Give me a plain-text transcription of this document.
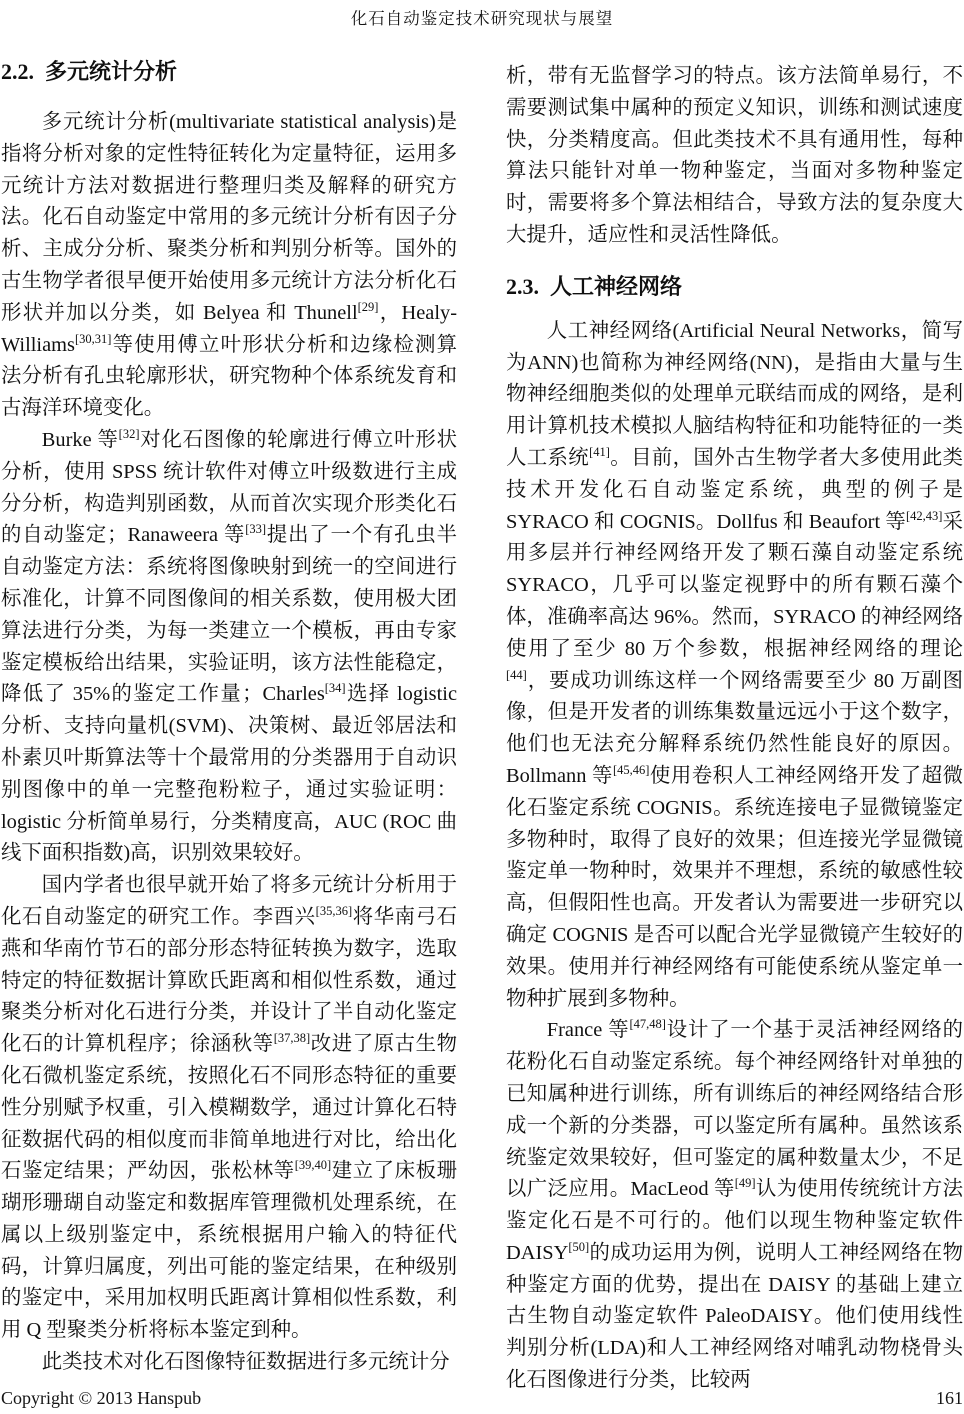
化石自动鉴定技术研究现状与展望
2.2. 多元统计分析

多元统计分析(multivariate statistical analysis)是指将分析对象的定性特征转化为定量特征，运用多元统计方法对数据进行整理归类及解释的研究方法。化石自动鉴定中常用的多元统计分析有因子分析、主成分分析、聚类分析和判别分析等。国外的古生物学者很早便开始使用多元统计方法分析化石形状并加以分类，如 Belyea 和 Thunell[29]，Healy-Williams[30,31]等使用傅立叶形状分析和边缘检测算法分析有孔虫轮廓形状，研究物种个体系统发育和古海洋环境变化。

Burke 等[32]对化石图像的轮廓进行傅立叶形状分析，使用 SPSS 统计软件对傅立叶级数进行主成分分析，构造判别函数，从而首次实现介形类化石的自动鉴定；Ranaweera 等[33]提出了一个有孔虫半自动鉴定方法：系统将图像映射到统一的空间进行标准化，计算不同图像间的相关系数，使用极大团算法进行分类，为每一类建立一个模板，再由专家鉴定模板给出结果，实验证明，该方法性能稳定，降低了 35%的鉴定工作量；Charles[34]选择 logistic 分析、支持向量机(SVM)、决策树、最近邻居法和朴素贝叶斯算法等十个最常用的分类器用于自动识别图像中的单一完整孢粉粒子，通过实验证明：logistic 分析简单易行，分类精度高，AUC (ROC 曲线下面积指数)高，识别效果较好。

国内学者也很早就开始了将多元统计分析用于化石自动鉴定的研究工作。李酉兴[35,36]将华南弓石燕和华南竹节石的部分形态特征转换为数字，选取特定的特征数据计算欧氏距离和相似性系数，通过聚类分析对化石进行分类，并设计了半自动化鉴定化石的计算机程序；徐涵秋等[37,38]改进了原古生物化石微机鉴定系统，按照化石不同形态特征的重要性分别赋予权重，引入模糊数学，通过计算化石特征数据代码的相似度而非简单地进行对比，给出化石鉴定结果；严幼因，张松林等[39,40]建立了床板珊瑚形珊瑚自动鉴定和数据库管理微机处理系统，在属以上级别鉴定中，系统根据用户输入的特征代码，计算归属度，列出可能的鉴定结果，在种级别的鉴定中，采用加权明氏距离计算相似性系数，利用 Q 型聚类分析将标本鉴定到种。

此类技术对化石图像特征数据进行多元统计分

析，带有无监督学习的特点。该方法简单易行，不需要测试集中属种的预定义知识，训练和测试速度快，分类精度高。但此类技术不具有通用性，每种算法只能针对单一物种鉴定，当面对多物种鉴定时，需要将多个算法相结合，导致方法的复杂度大大提升，适应性和灵活性降低。

2.3. 人工神经网络

人工神经网络(Artificial Neural Networks，简写为ANN)也简称为神经网络(NN)，是指由大量与生物神经细胞类似的处理单元联结而成的网络，是利用计算机技术模拟人脑结构特征和功能特征的一类人工系统[41]。目前，国外古生物学者大多使用此类技术开发化石自动鉴定系统，典型的例子是 SYRACO 和 COGNIS。Dollfus 和 Beaufort 等[42,43]采用多层并行神经网络开发了颗石藻自动鉴定系统 SYRACO，几乎可以鉴定视野中的所有颗石藻个体，准确率高达 96%。然而，SYRACO 的神经网络使用了至少 80 万个参数，根据神经网络的理论[44]，要成功训练这样一个网络需要至少 80 万副图像，但是开发者的训练集数量远远小于这个数字，他们也无法充分解释系统仍然性能良好的原因。Bollmann 等[45,46]使用卷积人工神经网络开发了超微化石鉴定系统 COGNIS。系统连接电子显微镜鉴定多物种时，取得了良好的效果；但连接光学显微镜鉴定单一物种时，效果并不理想，系统的敏感性较高，但假阳性也高。开发者认为需要进一步研究以确定 COGNIS 是否可以配合光学显微镜产生较好的效果。使用并行神经网络有可能使系统从鉴定单一物种扩展到多物种。

France 等[47,48]设计了一个基于灵活神经网络的花粉化石自动鉴定系统。每个神经网络针对单独的已知属种进行训练，所有训练后的神经网络结合形成一个新的分类器，可以鉴定所有属种。虽然该系统鉴定效果较好，但可鉴定的属种数量太少，不足以广泛应用。MacLeod 等[49]认为使用传统统计方法鉴定化石是不可行的。他们以现生物种鉴定软件 DAISY[50]的成功运用为例，说明人工神经网络在物种鉴定方面的优势，提出在 DAISY 的基础上建立古生物自动鉴定软件 PaleoDAISY。他们使用线性判别分析(LDA)和人工神经网络对哺乳动物桡骨头化石图像进行分类，比较两

Copyright © 2013 Hanspub	161
